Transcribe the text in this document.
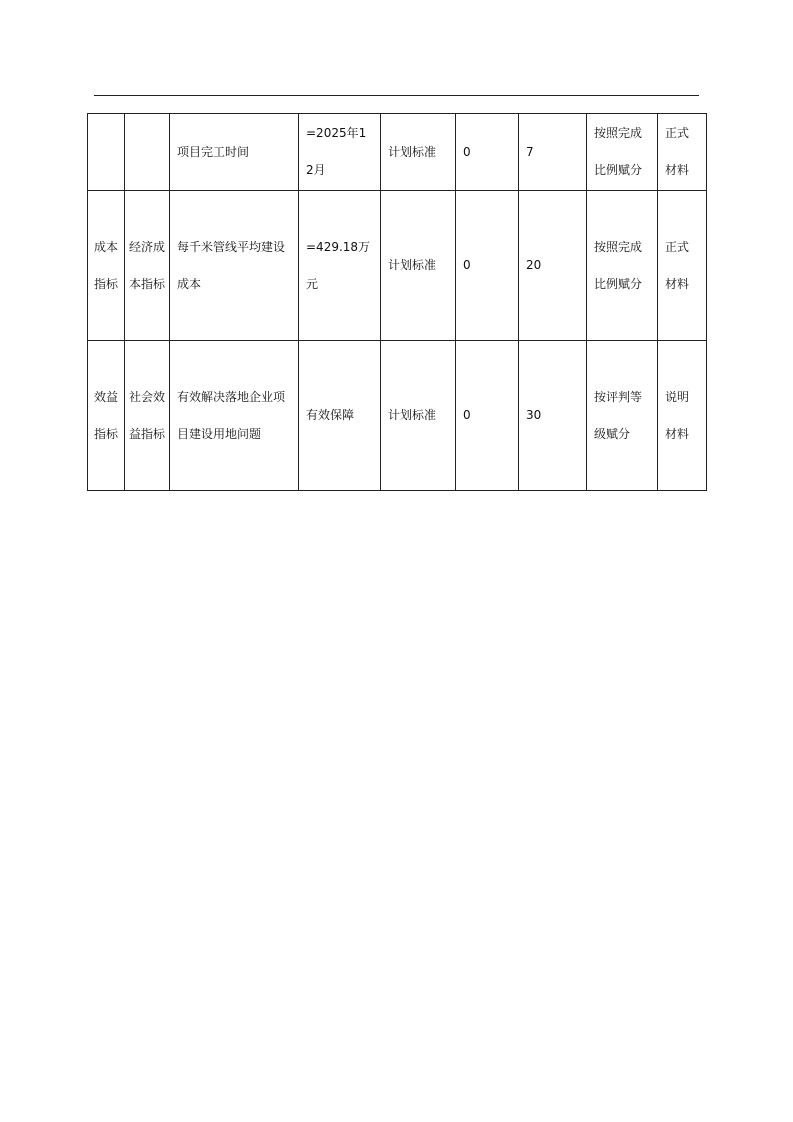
		项目完工时间	=2025年12月	计划标准	0	7	按照完成比例赋分	正式材料
成本指标	经济成本指标	每千米管线平均建设成本	=429.18万元	计划标准	0	20	按照完成比例赋分	正式材料
效益指标	社会效益指标	有效解决落地企业项目建设用地问题	有效保障	计划标准	0	30	按评判等级赋分	说明材料
